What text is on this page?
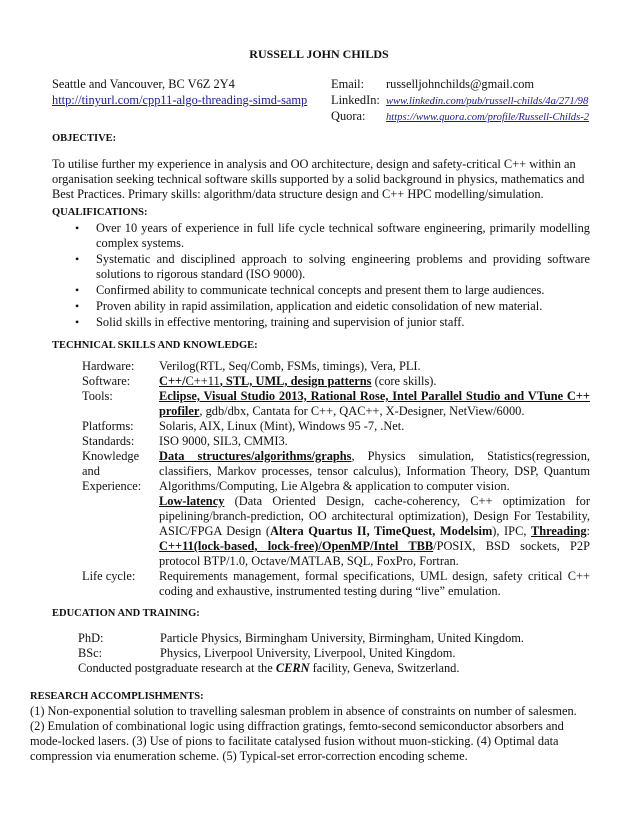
RUSSELL JOHN CHILDS
Seattle and Vancouver, BC V6Z 2Y4
http://tinyurl.com/cpp11-algo-threading-simd-samp
Email: russelljohnchilds@gmail.com
LinkedIn: www.linkedin.com/pub/russell-childs/4a/271/98
Quora: https://www.quora.com/profile/Russell-Childs-2
OBJECTIVE:
To utilise further my experience in analysis and OO architecture, design and safety-critical C++ within an organisation seeking technical software skills supported by a solid background in physics, mathematics and Best Practices. Primary skills: algorithm/data structure design and C++ HPC modelling/simulation.
QUALIFICATIONS:
• Over 10 years of experience in full life cycle technical software engineering, primarily modelling complex systems.
• Systematic and disciplined approach to solving engineering problems and providing software solutions to rigorous standard (ISO 9000).
• Confirmed ability to communicate technical concepts and present them to large audiences.
• Proven ability in rapid assimilation, application and eidetic consolidation of new material.
• Solid skills in effective mentoring, training and supervision of junior staff.
TECHNICAL SKILLS AND KNOWLEDGE:
Hardware:	Verilog(RTL, Seq/Comb, FSMs, timings), Vera, PLI.
Software:	C++/C++11, STL, UML, design patterns (core skills).
Tools:	Eclipse, Visual Studio 2013, Rational Rose, Intel Parallel Studio and VTune C++ profiler, gdb/dbx, Cantata for C++, QAC++, X-Designer, NetView/6000.
Platforms:	Solaris, AIX, Linux (Mint), Windows 95 -7, .Net.
Standards:	ISO 9000, SIL3, CMMI3.
Knowledge
and
Experience:
Data structures/algorithms/graphs, Physics simulation, Statistics(regression, classifiers, Markov processes, tensor calculus), Information Theory, DSP, Quantum Algorithms/Computing, Lie Algebra & application to computer vision.
Low-latency (Data Oriented Design, cache-coherency, C++ optimization for pipelining/branch-prediction, OO architectural optimization), Design For Testability, ASIC/FPGA Design (Altera Quartus II, TimeQuest, Modelsim), IPC, Threading: C++11(lock-based, lock-free)/OpenMP/Intel TBB/POSIX, BSD sockets, P2P protocol BTP/1.0, Octave/MATLAB, SQL, FoxPro, Fortran.
Life cycle:	Requirements management, formal specifications, UML design, safety critical C++ coding and exhaustive, instrumented testing during “live” emulation.
EDUCATION AND TRAINING:
PhD:	Particle Physics, Birmingham University, Birmingham, United Kingdom.
BSc:	Physics, Liverpool University, Liverpool, United Kingdom.
Conducted postgraduate research at the CERN facility, Geneva, Switzerland.
RESEARCH ACCOMPLISHMENTS:
(1) Non-exponential solution to travelling salesman problem in absence of constraints on number of salesmen. (2) Emulation of combinational logic using diffraction gratings, femto-second semiconductor absorbers and mode-locked lasers. (3) Use of pions to facilitate catalysed fusion without muon-sticking. (4) Optimal data compression via enumeration scheme. (5) Typical-set error-correction encoding scheme.
